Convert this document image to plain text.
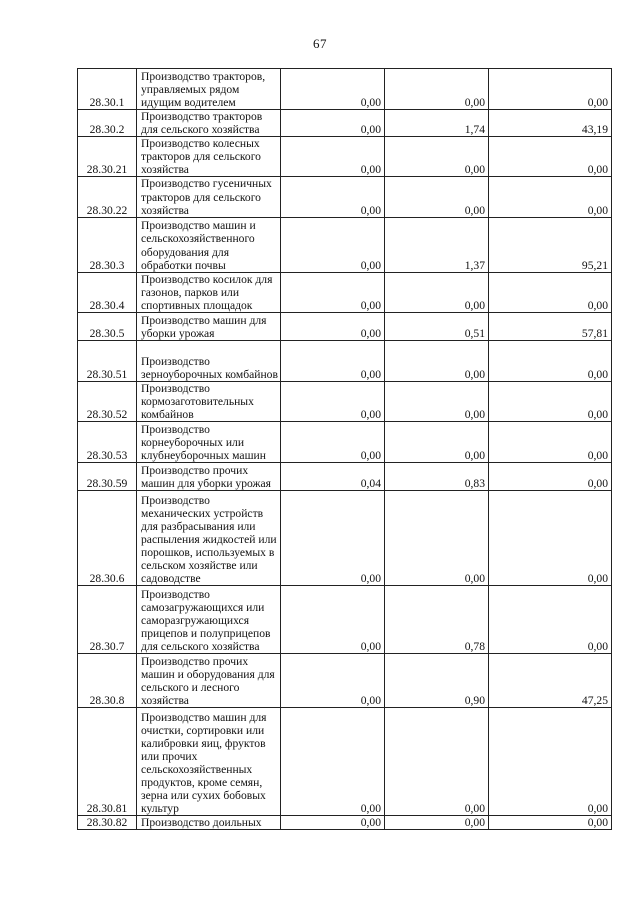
67
28.30.1	Производство тракторов, управляемых рядом идущим водителем	0,00	0,00	0,00
28.30.2	Производство тракторов для сельского хозяйства	0,00	1,74	43,19
28.30.21	Производство колесных тракторов для сельского хозяйства	0,00	0,00	0,00
28.30.22	Производство гусеничных тракторов для сельского хозяйства	0,00	0,00	0,00
28.30.3	Производство машин и сельскохозяйственного оборудования для обработки почвы	0,00	1,37	95,21
28.30.4	Производство косилок для газонов, парков или спортивных площадок	0,00	0,00	0,00
28.30.5	Производство машин для уборки урожая	0,00	0,51	57,81
28.30.51	Производство зерноуборочных комбайнов	0,00	0,00	0,00
28.30.52	Производство кормозаготовительных комбайнов	0,00	0,00	0,00
28.30.53	Производство корнеуборочных или клубнеуборочных машин	0,00	0,00	0,00
28.30.59	Производство прочих машин для уборки урожая	0,04	0,83	0,00
28.30.6	Производство механических устройств для разбрасывания или распыления жидкостей или порошков, используемых в сельском хозяйстве или садоводстве	0,00	0,00	0,00
28.30.7	Производство самозагружающихся или саморазгружающихся прицепов и полуприцепов для сельского хозяйства	0,00	0,78	0,00
28.30.8	Производство прочих машин и оборудования для сельского и лесного хозяйства	0,00	0,90	47,25
28.30.81	Производство машин для очистки, сортировки или калибровки яиц, фруктов или прочих сельскохозяйственных продуктов, кроме семян, зерна или сухих бобовых культур	0,00	0,00	0,00
28.30.82	Производство доильных	0,00	0,00	0,00
